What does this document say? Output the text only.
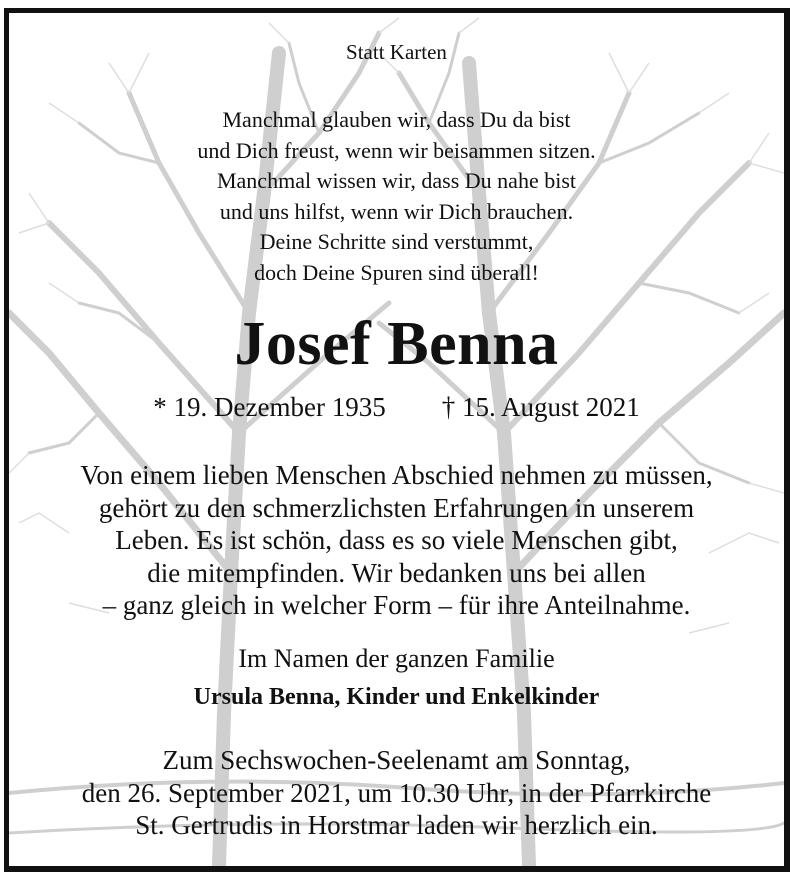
Statt Karten
Manchmal glauben wir, dass Du da bist
und Dich freust, wenn wir beisammen sitzen.
Manchmal wissen wir, dass Du nahe bist
und uns hilfst, wenn wir Dich brauchen.
Deine Schritte sind verstummt,
doch Deine Spuren sind überall!
Josef Benna
* 19. Dezember 1935 † 15. August 2021
Von einem lieben Menschen Abschied nehmen zu müssen,
gehört zu den schmerzlichsten Erfahrungen in unserem
Leben. Es ist schön, dass es so viele Menschen gibt,
die mitempfinden. Wir bedanken uns bei allen
– ganz gleich in welcher Form – für ihre Anteilnahme.
Im Namen der ganzen Familie
Ursula Benna, Kinder und Enkelkinder
Zum Sechswochen-Seelenamt am Sonntag,
den 26. September 2021, um 10.30 Uhr, in der Pfarrkirche
St. Gertrudis in Horstmar laden wir herzlich ein.
